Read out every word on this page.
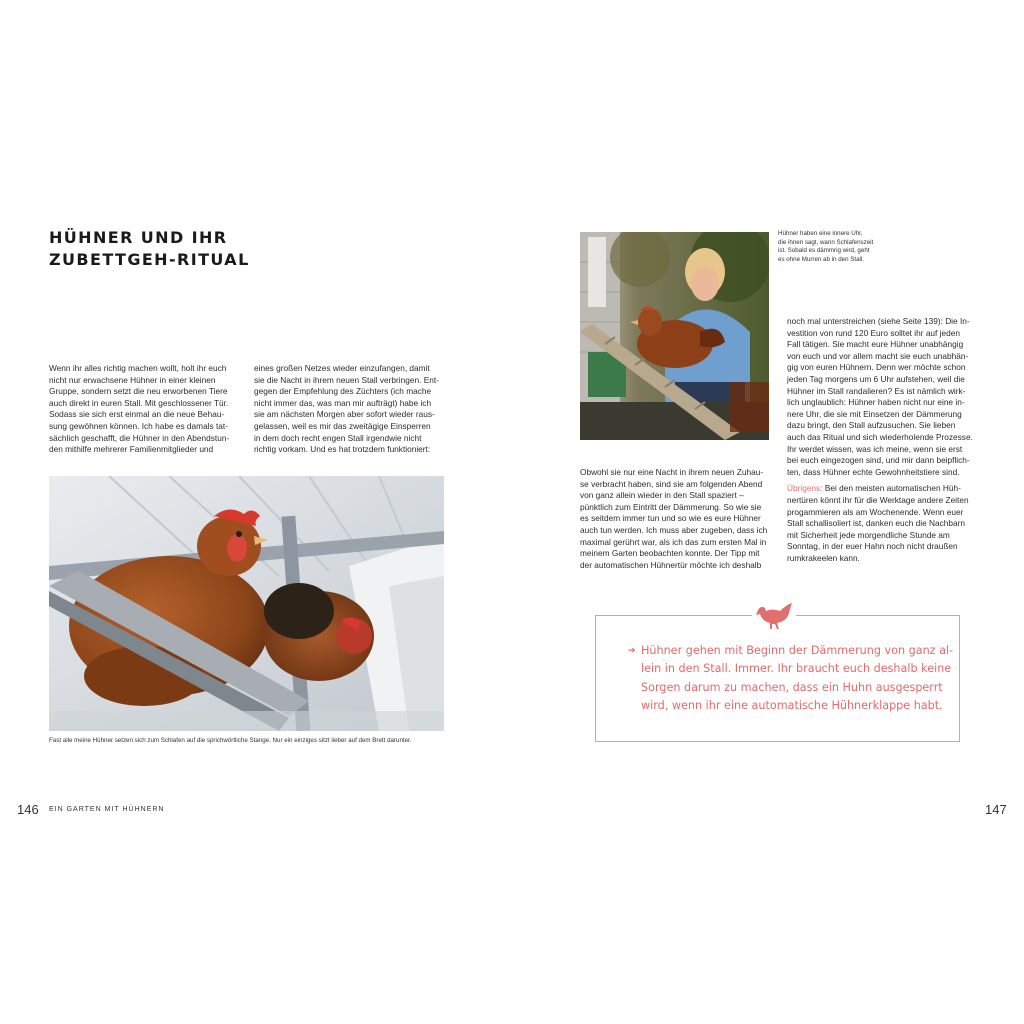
HÜHNER UND IHR
ZUBETTGEH-RITUAL
Wenn ihr alles richtig machen wollt, holt ihr euch
nicht nur erwachsene Hühner in einer kleinen
Gruppe, sondern setzt die neu erworbenen Tiere
auch direkt in euren Stall. Mit geschlossener Tür.
Sodass sie sich erst einmal an die neue Behau-
sung gewöhnen können. Ich habe es damals tat-
sächlich geschafft, die Hühner in den Abendstun-
den mithilfe mehrerer Familienmitglieder und
eines großen Netzes wieder einzufangen, damit
sie die Nacht in ihrem neuen Stall verbringen. Ent-
gegen der Empfehlung des Züchters (ich mache
nicht immer das, was man mir aufträgt) habe ich
sie am nächsten Morgen aber sofort wieder raus-
gelassen, weil es mir das zweitägige Einsperren
in dem doch recht engen Stall irgendwie nicht
richtig vorkam. Und es hat trotzdem funktioniert:
Fast alle meine Hühner setzen sich zum Schlafen auf die sprichwörtliche Stange. Nur ein einziges sitzt lieber auf dem Brett darunter.
Hühner haben eine innere Uhr,
die ihnen sagt, wann Schlafenszeit
ist. Sobald es dämmrig wird, geht
es ohne Murren ab in den Stall.
Obwohl sie nur eine Nacht in ihrem neuen Zuhau-
se verbracht haben, sind sie am folgenden Abend
von ganz allein wieder in den Stall spaziert –
pünktlich zum Eintritt der Dämmerung. So wie sie
es seitdem immer tun und so wie es eure Hühner
auch tun werden. Ich muss aber zugeben, dass ich
maximal gerührt war, als ich das zum ersten Mal in
meinem Garten beobachten konnte. Der Tipp mit
der automatischen Hühnertür möchte ich deshalb
noch mal unterstreichen (siehe Seite 139): Die In-
vestition von rund 120 Euro solltet ihr auf jeden
Fall tätigen. Sie macht eure Hühner unabhängig
von euch und vor allem macht sie euch unabhän-
gig von euren Hühnern. Denn wer möchte schon
jeden Tag morgens um 6 Uhr aufstehen, weil die
Hühner im Stall randalieren? Es ist nämlich wirk-
lich unglaublich: Hühner haben nicht nur eine in-
nere Uhr, die sie mit Einsetzen der Dämmerung
dazu bringt, den Stall aufzusuchen. Sie lieben
auch das Ritual und sich wiederholende Prozesse.
Ihr werdet wissen, was ich meine, wenn sie erst
bei euch eingezogen sind, und mir dann beipflich-
ten, dass Hühner echte Gewohnheitstiere sind.
Übrigens: Bei den meisten automatischen Hüh-
nertüren könnt ihr für die Werktage andere Zeiten
progammieren als am Wochenende. Wenn euer
Stall schallisoliert ist, danken euch die Nachbarn
mit Sicherheit jede morgendliche Stunde am
Sonntag, in der euer Hahn noch nicht draußen
rumkrakeelen kann.
➔ Hühner gehen mit Beginn der Dämmerung von ganz al-
lein in den Stall. Immer. Ihr braucht euch deshalb keine
Sorgen darum zu machen, dass ein Huhn ausgesperrt
wird, wenn ihr eine automatische Hühnerklappe habt.
146 EIN GARTEN MIT HÜHNERN	147
